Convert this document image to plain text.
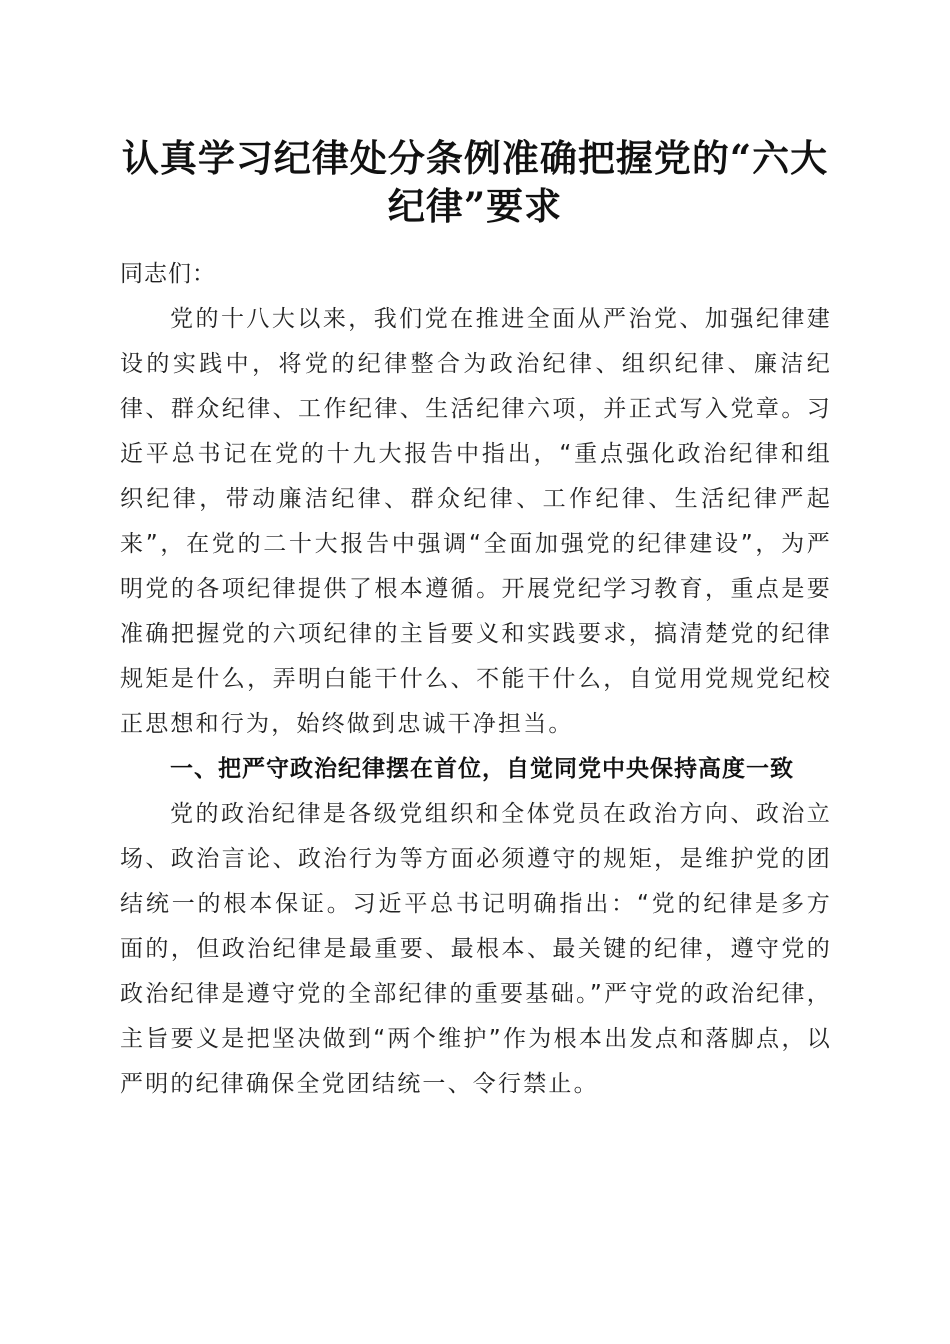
认真学习纪律处分条例准确把握党的“六大纪律”要求

同志们：

党的十八大以来，我们党在推进全面从严治党、加强纪律建设的实践中，将党的纪律整合为政治纪律、组织纪律、廉洁纪律、群众纪律、工作纪律、生活纪律六项，并正式写入党章。习近平总书记在党的十九大报告中指出，“重点强化政治纪律和组织纪律，带动廉洁纪律、群众纪律、工作纪律、生活纪律严起来”，在党的二十大报告中强调“全面加强党的纪律建设”，为严明党的各项纪律提供了根本遵循。开展党纪学习教育，重点是要准确把握党的六项纪律的主旨要义和实践要求，搞清楚党的纪律规矩是什么，弄明白能干什么、不能干什么，自觉用党规党纪校正思想和行为，始终做到忠诚干净担当。

一、把严守政治纪律摆在首位，自觉同党中央保持高度一致

党的政治纪律是各级党组织和全体党员在政治方向、政治立场、政治言论、政治行为等方面必须遵守的规矩，是维护党的团结统一的根本保证。习近平总书记明确指出：“党的纪律是多方面的，但政治纪律是最重要、最根本、最关键的纪律，遵守党的政治纪律是遵守党的全部纪律的重要基础。”严守党的政治纪律，主旨要义是把坚决做到“两个维护”作为根本出发点和落脚点，以严明的纪律确保全党团结统一、令行禁止。
